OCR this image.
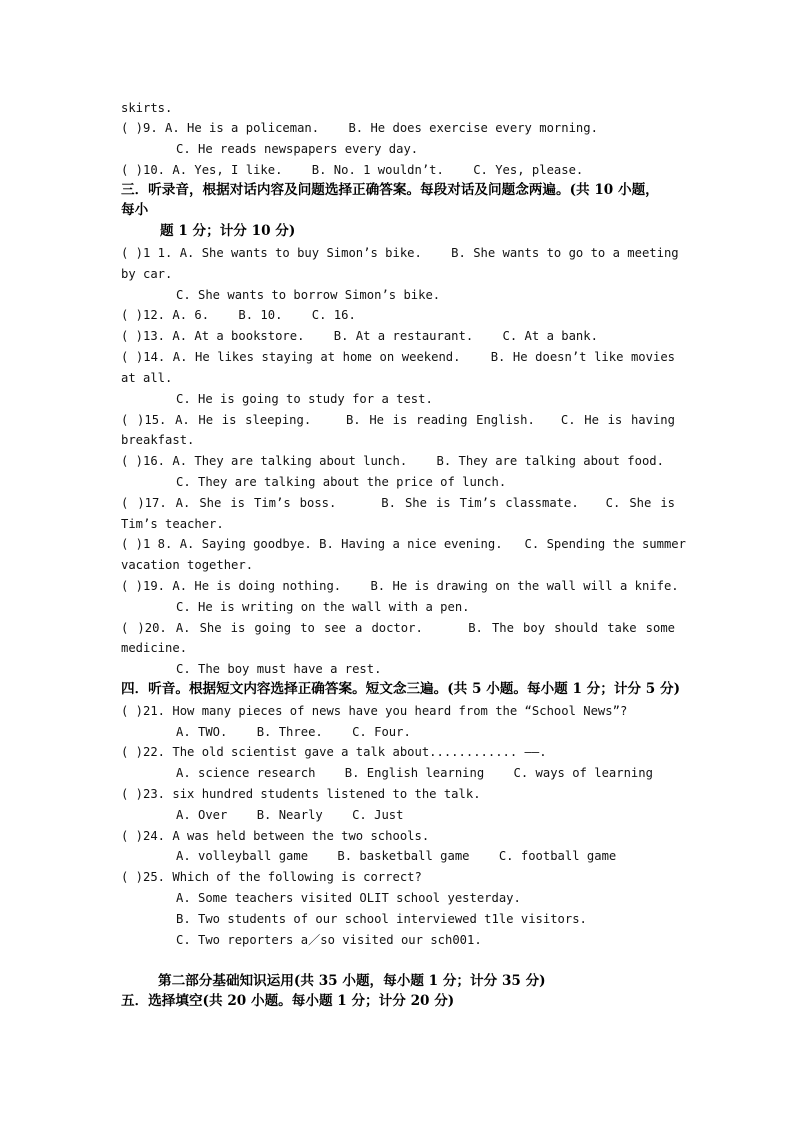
skirts.
( )9. A. He is a policeman.    B. He does exercise every morning.
C. He reads newspapers every day.
( )10. A. Yes, I like.    B. No. 1 wouldn’t.    C. Yes, please.
三．听录音，根据对话内容及问题选择正确答案。每段对话及问题念两遍。(共 10 小题，
每小
题 1 分；计分 10 分)
( )1 1. A. She wants to buy Simon’s bike.    B. She wants to go to a meeting
by car.
C. She wants to borrow Simon’s bike.
( )12. A. 6.    B. 10.    C. 16.
( )13. A. At a bookstore.    B. At a restaurant.    C. At a bank.
( )14. A. He likes staying at home on weekend.    B. He doesn’t like movies
at all.
C. He is going to study for a test.
( )15. A. He is sleeping.    B. He is reading English.   C. He is having
breakfast.
( )16. A. They are talking about lunch.    B. They are talking about food.
C. They are talking about the price of lunch.
( )17. A. She is Tim’s boss.     B. She is Tim’s classmate.   C. She is
Tim’s teacher.
( )1 8. A. Saying goodbye. B. Having a nice evening.   C. Spending the summer
vacation together.
( )19. A. He is doing nothing.    B. He is drawing on the wall will a knife.
C. He is writing on the wall with a pen.
( )20. A. She is going to see a doctor.     B. The boy should take some
medicine.
C. The boy must have a rest.
四．听音。根据短文内容选择正确答案。短文念三遍。(共 5 小题。每小题 1 分；计分 5 分)
( )21. How many pieces of news have you heard from the “School News”?
A. TWO.    B. Three.    C. Four.
( )22. The old scientist gave a talk about............ ——.
A. science research    B. English learning    C. ways of learning
( )23. six hundred students listened to the talk.
A. Over    B. Nearly    C. Just
( )24. A was held between the two schools.
A. volleyball game    B. basketball game    C. football game
( )25. Which of the following is correct?
A. Some teachers visited OLIT school yesterday.
B. Two students of our school interviewed t1le visitors.
C. Two reporters a／so visited our sch001.
第二部分基础知识运用(共 35 小题，每小题 1 分；计分 35 分)
五．选择填空(共 20 小题。每小题 1 分；计分 20 分)
